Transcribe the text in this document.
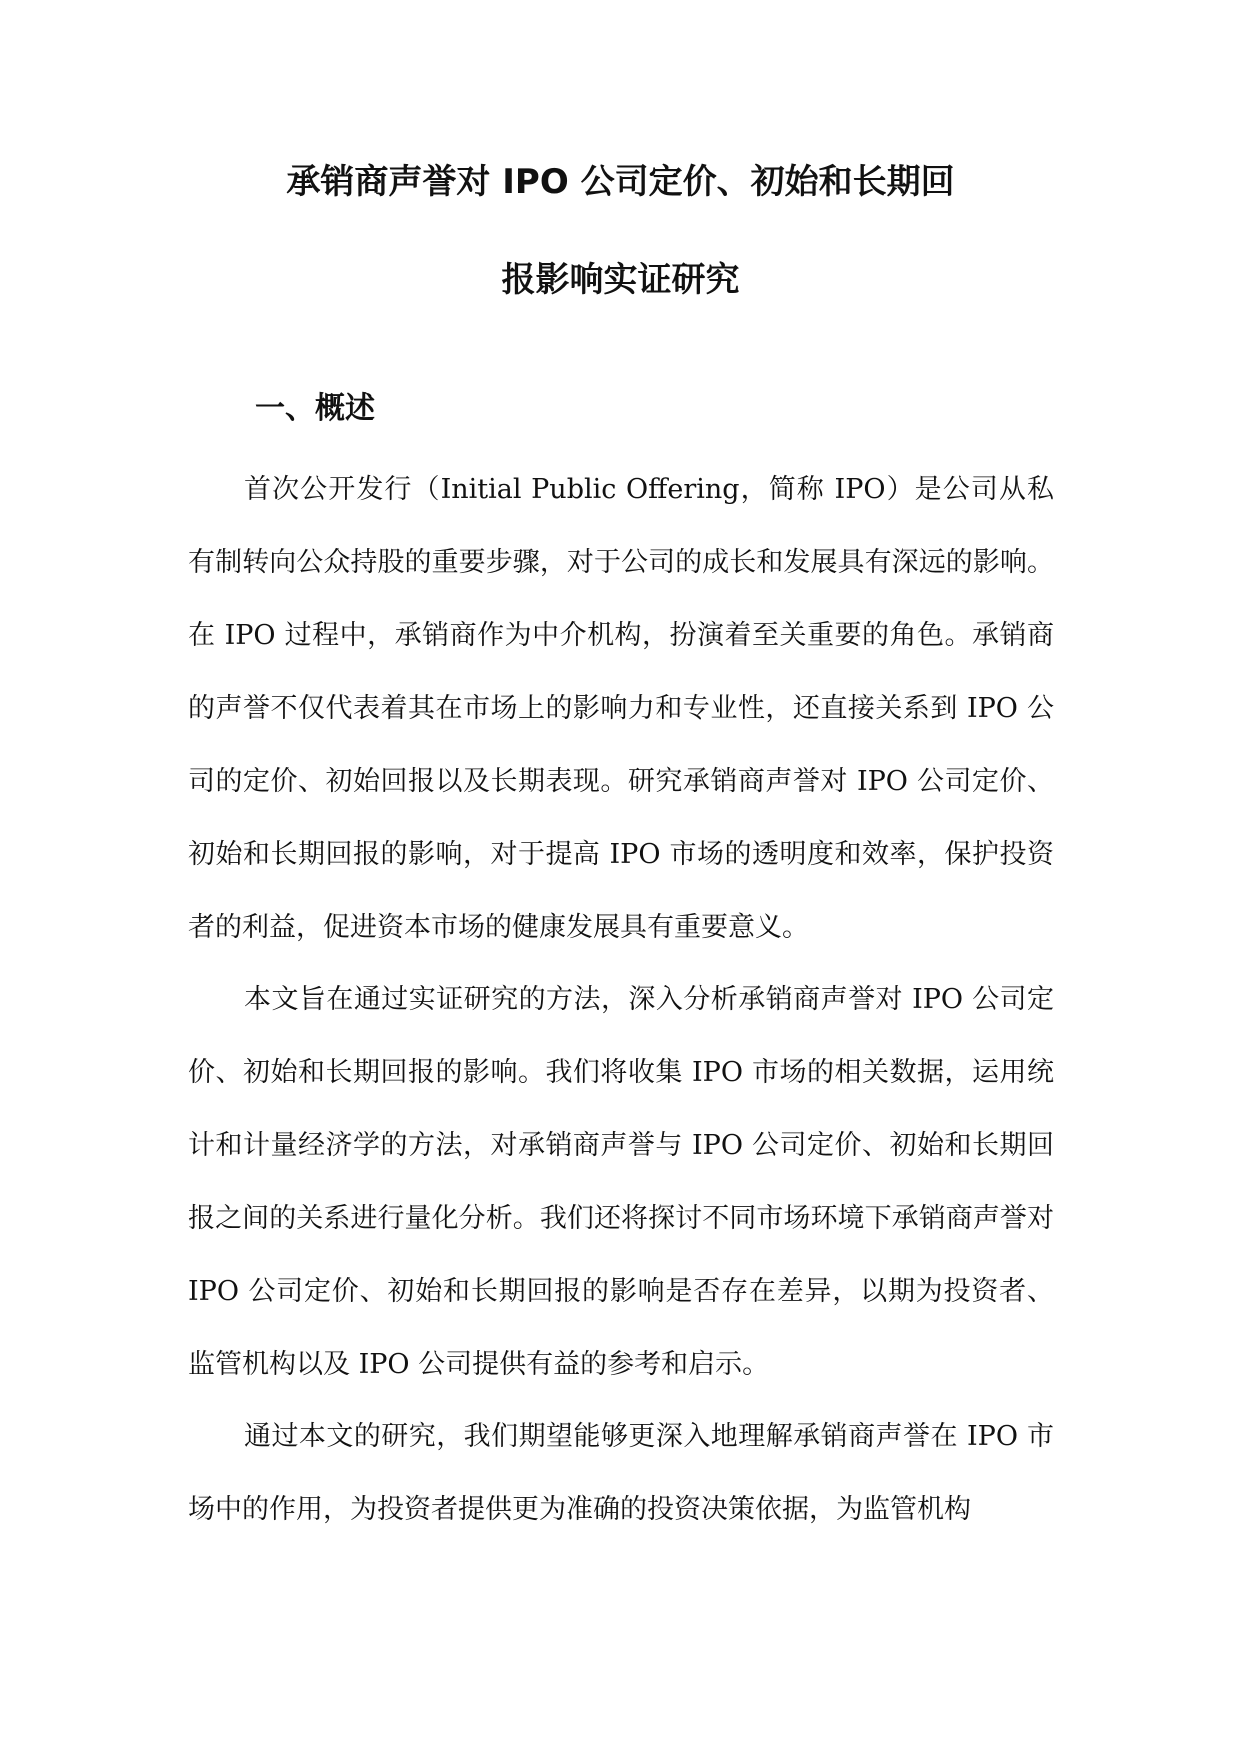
承销商声誉对 IPO 公司定价、初始和长期回
报影响实证研究
一、概述

首次公开发行（Initial Public Offering，简称 IPO）是公司从私有制转向公众持股的重要步骤，对于公司的成长和发展具有深远的影响。在 IPO 过程中，承销商作为中介机构，扮演着至关重要的角色。承销商的声誉不仅代表着其在市场上的影响力和专业性，还直接关系到 IPO 公司的定价、初始回报以及长期表现。研究承销商声誉对 IPO 公司定价、初始和长期回报的影响，对于提高 IPO 市场的透明度和效率，保护投资者的利益，促进资本市场的健康发展具有重要意义。

本文旨在通过实证研究的方法，深入分析承销商声誉对 IPO 公司定价、初始和长期回报的影响。我们将收集 IPO 市场的相关数据，运用统计和计量经济学的方法，对承销商声誉与 IPO 公司定价、初始和长期回报之间的关系进行量化分析。我们还将探讨不同市场环境下承销商声誉对 IPO 公司定价、初始和长期回报的影响是否存在差异，以期为投资者、监管机构以及 IPO 公司提供有益的参考和启示。

通过本文的研究，我们期望能够更深入地理解承销商声誉在 IPO 市场中的作用，为投资者提供更为准确的投资决策依据，为监管机构
